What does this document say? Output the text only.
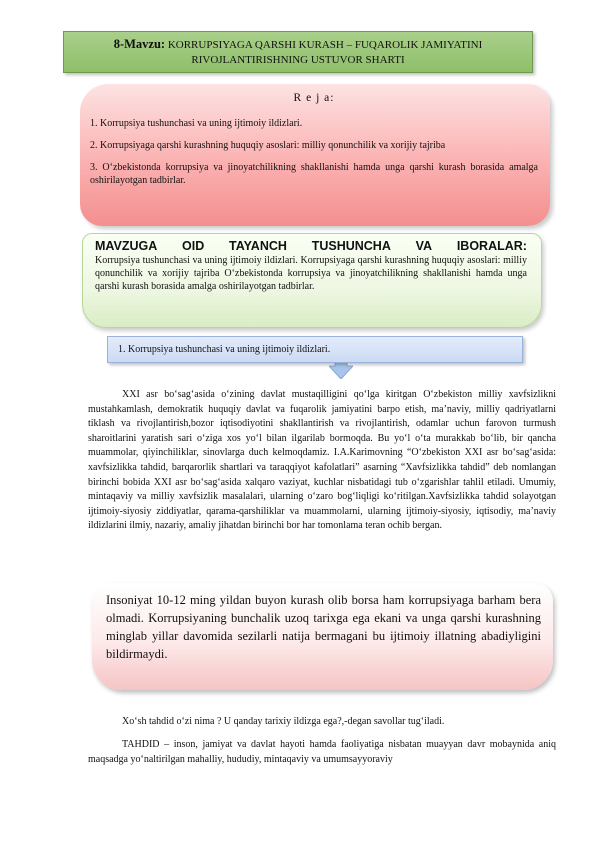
8-Mavzu: KORRUPSIYAGA QARSHI KURASH – FUQAROLIK JAMIYATINI
RIVOJLANTIRISHNING USTUVOR SHARTI
R e j a:

1. Korrupsiya tushunchasi va uning ijtimoiy ildizlari.

2. Korrupsiyaga qarshi kurashning huquqiy asoslari: milliy qonunchilik va xorijiy tajriba

3. O‘zbekistonda korrupsiya va jinoyatchilikning shakllanishi hamda unga qarshi kurash borasida amalga oshirilayotgan tadbirlar.

MAVZUGA OID TAYANCH TUSHUNCHA VA IBORALAR:
Korrupsiya tushunchasi va uning ijtimoiy ildizlari. Korrupsiyaga qarshi kurashning huquqiy asoslari: milliy qonunchilik va xorijiy tajriba O‘zbekistonda korrupsiya va jinoyatchilikning shakllanishi hamda unga qarshi kurash borasida amalga oshirilayotgan tadbirlar.
1. Korrupsiya tushunchasi va uning ijtimoiy ildizlari.

XXI asr bo‘sag‘asida o‘zining davlat mustaqilligini qo‘lga kiritgan O‘zbekiston milliy xavfsizlikni mustahkamlash, demokratik huquqiy davlat va fuqarolik jamiyatini barpo etish, ma’naviy, milliy qadriyatlarni tiklash va rivojlantirish,bozor iqtisodiyotini shakllantirish va rivojlantirish, odamlar uchun farovon turmush sharoitlarini yaratish sari o‘ziga xos yo‘l bilan ilgarilab bormoqda. Bu yo‘l o‘ta murakkab bo‘lib, bir qancha muammolar, qiyinchiliklar, sinovlarga duch kelmoqdamiz. I.A.Karimovning “O‘zbekiston XXI asr bo‘sag‘asida: xavfsizlikka tahdid, barqarorlik shartlari va taraqqiyot kafolatlari” asarning “Xavfsizlikka tahdid” deb nomlangan birinchi bobida XXI asr bo‘sag‘asida xalqaro vaziyat, kuchlar nisbatidagi tub o‘zgarishlar tahlil etiladi. Umumiy, mintaqaviy va milliy xavfsizlik masalalari, ularning o‘zaro bog‘liqligi ko‘ritilgan.Xavfsizlikka tahdid solayotgan ijtimoiy-siyosiy ziddiyatlar, qarama-qarshiliklar va muammolarni, ularning ijtimoiy-siyosiy, iqtisodiy, ma’naviy ildizlarini ilmiy, nazariy, amaliy jihatdan birinchi bor har tomonlama teran ochib bergan.

Insoniyat 10-12 ming yildan buyon kurash olib borsa ham korrupsiyaga barham bera olmadi. Korrupsiyaning bunchalik uzoq tarixga ega ekani va unga qarshi kurashning minglab yillar davomida sezilarli natija bermagani bu ijtimoiy illatning abadiyligini bildirmaydi.

Xo‘sh tahdid o‘zi nima ? U qanday tarixiy ildizga ega?,-degan savollar tug‘iladi.

TAHDID – inson, jamiyat va davlat hayoti hamda faoliyatiga nisbatan muayyan davr mobaynida aniq maqsadga yo‘naltirilgan mahalliy, hududiy, mintaqaviy va umumsayyoraviy
